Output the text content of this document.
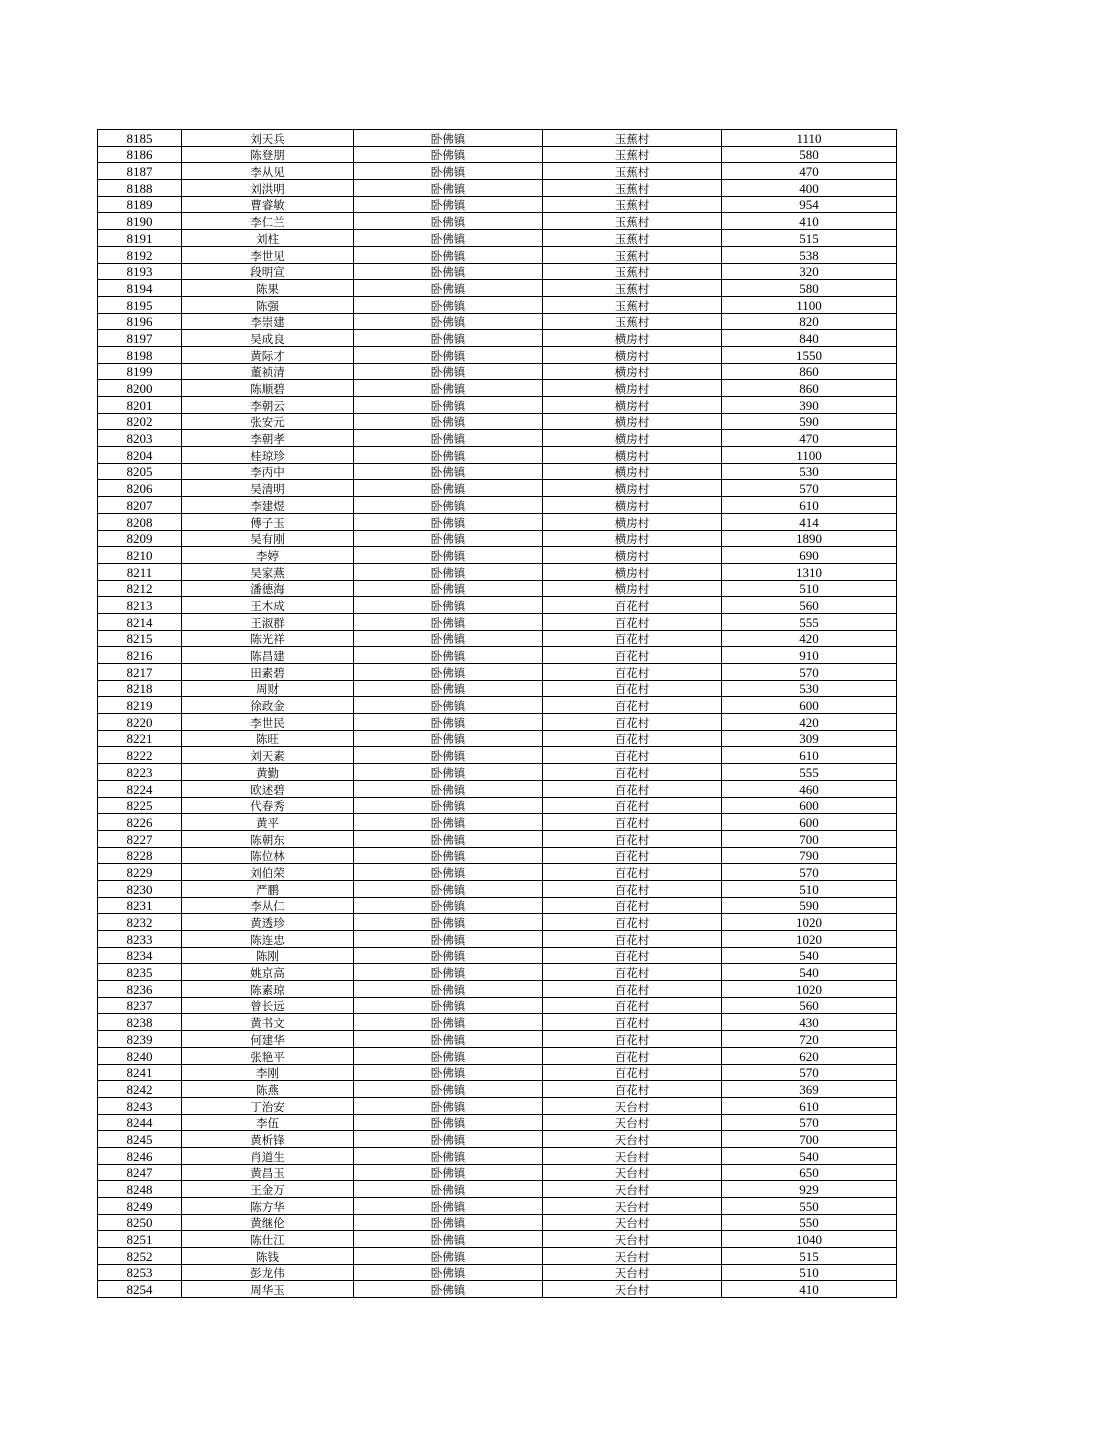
8185	刘天兵	卧佛镇	玉蕉村	1110
8186	陈登朋	卧佛镇	玉蕉村	580
8187	李从见	卧佛镇	玉蕉村	470
8188	刘洪明	卧佛镇	玉蕉村	400
8189	曹睿敏	卧佛镇	玉蕉村	954
8190	李仁兰	卧佛镇	玉蕉村	410
8191	刘柱	卧佛镇	玉蕉村	515
8192	李世见	卧佛镇	玉蕉村	538
8193	段明宣	卧佛镇	玉蕉村	320
8194	陈果	卧佛镇	玉蕉村	580
8195	陈强	卧佛镇	玉蕉村	1100
8196	李崇建	卧佛镇	玉蕉村	820
8197	吴成良	卧佛镇	横房村	840
8198	黄际才	卧佛镇	横房村	1550
8199	董祯清	卧佛镇	横房村	860
8200	陈顺碧	卧佛镇	横房村	860
8201	李朝云	卧佛镇	横房村	390
8202	张安元	卧佛镇	横房村	590
8203	李朝孝	卧佛镇	横房村	470
8204	桂琼珍	卧佛镇	横房村	1100
8205	李丙中	卧佛镇	横房村	530
8206	吴清明	卧佛镇	横房村	570
8207	李建煜	卧佛镇	横房村	610
8208	傅子玉	卧佛镇	横房村	414
8209	吴有刚	卧佛镇	横房村	1890
8210	李婷	卧佛镇	横房村	690
8211	吴家燕	卧佛镇	横房村	1310
8212	潘德海	卧佛镇	横房村	510
8213	王木成	卧佛镇	百花村	560
8214	王淑群	卧佛镇	百花村	555
8215	陈光祥	卧佛镇	百花村	420
8216	陈昌建	卧佛镇	百花村	910
8217	田素碧	卧佛镇	百花村	570
8218	周财	卧佛镇	百花村	530
8219	徐政金	卧佛镇	百花村	600
8220	李世民	卧佛镇	百花村	420
8221	陈旺	卧佛镇	百花村	309
8222	刘天素	卧佛镇	百花村	610
8223	黄勤	卧佛镇	百花村	555
8224	欧述碧	卧佛镇	百花村	460
8225	代春秀	卧佛镇	百花村	600
8226	黄平	卧佛镇	百花村	600
8227	陈朝东	卧佛镇	百花村	700
8228	陈位林	卧佛镇	百花村	790
8229	刘伯荣	卧佛镇	百花村	570
8230	严鹏	卧佛镇	百花村	510
8231	李从仁	卧佛镇	百花村	590
8232	黄透珍	卧佛镇	百花村	1020
8233	陈连忠	卧佛镇	百花村	1020
8234	陈刚	卧佛镇	百花村	540
8235	姚京高	卧佛镇	百花村	540
8236	陈素琼	卧佛镇	百花村	1020
8237	曾长远	卧佛镇	百花村	560
8238	黄书文	卧佛镇	百花村	430
8239	何建华	卧佛镇	百花村	720
8240	张艳平	卧佛镇	百花村	620
8241	李刚	卧佛镇	百花村	570
8242	陈燕	卧佛镇	百花村	369
8243	丁治安	卧佛镇	天台村	610
8244	李伍	卧佛镇	天台村	570
8245	黄析锋	卧佛镇	天台村	700
8246	肖道生	卧佛镇	天台村	540
8247	黄昌玉	卧佛镇	天台村	650
8248	王金万	卧佛镇	天台村	929
8249	陈方华	卧佛镇	天台村	550
8250	黄继伦	卧佛镇	天台村	550
8251	陈仕江	卧佛镇	天台村	1040
8252	陈钱	卧佛镇	天台村	515
8253	彭龙伟	卧佛镇	天台村	510
8254	周华玉	卧佛镇	天台村	410
